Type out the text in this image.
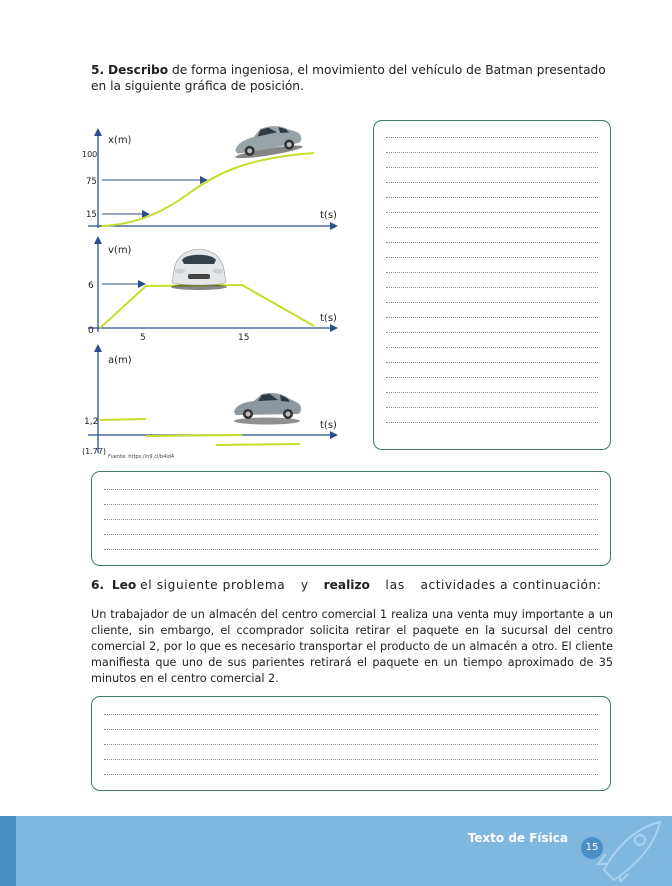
5. Describo de forma ingeniosa, el movimiento del vehículo de Batman presentado en la siguiente gráfica de posición.
x(m)
t(s)
100
75
15
v(m)
t(s)
6
0
5	15
a(m)
t(s)
1,2
(1.77)
Fuente: https://n9.cl/b4id4
6. Leo el siguiente problema y realizo las actividades a continuación:
Un trabajador de un almacén del centro comercial 1 realiza una venta muy importante a un cliente, sin embargo, el ccomprador solicita retirar el paquete en la sucursal del centro comercial 2, por lo que es necesario transportar el producto de un almacén a otro. El cliente manifiesta que uno de sus parientes retirará el paquete en un tiempo aproximado de 35 minutos en el centro comercial 2.
Texto de Física
15
